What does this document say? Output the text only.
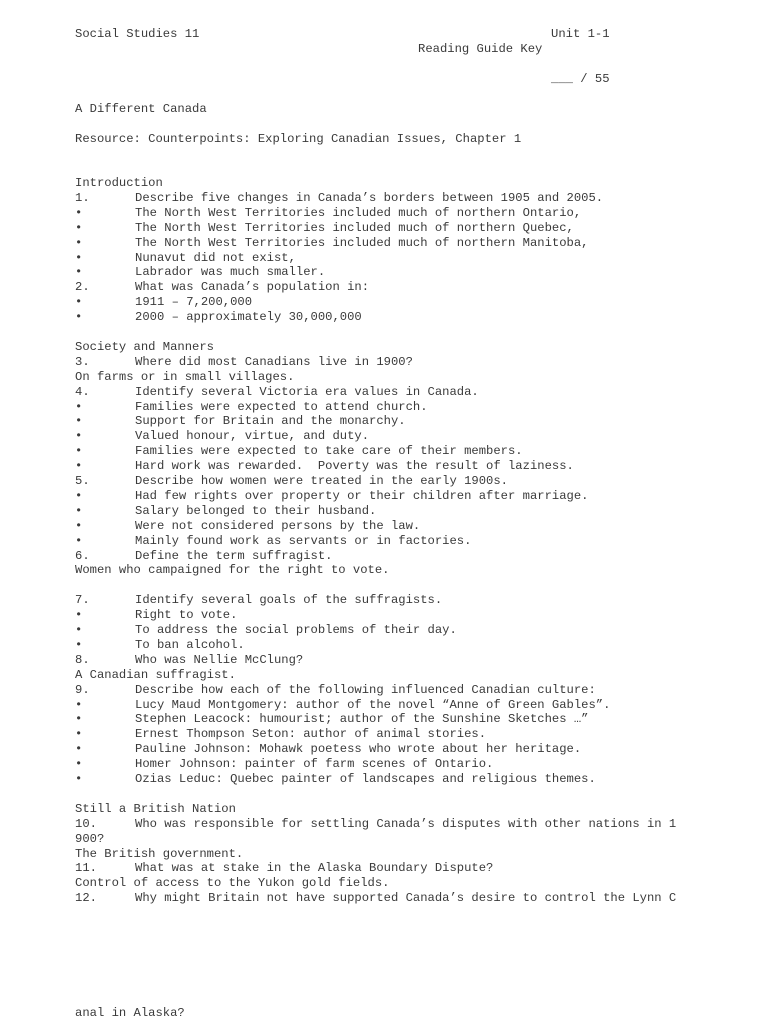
Social Studies 11	Unit 1-1
Reading Guide Key
___ / 55
A Different Canada
Resource: Counterpoints: Exploring Canadian Issues, Chapter 1
Introduction
1.	Describe five changes in Canada’s borders between 1905 and 2005.
•	The North West Territories included much of northern Ontario,
•	The North West Territories included much of northern Quebec,
•	The North West Territories included much of northern Manitoba,
•	Nunavut did not exist,
•	Labrador was much smaller.
2.	What was Canada’s population in:
•	1911 – 7,200,000
•	2000 – approximately 30,000,000
Society and Manners
3.	Where did most Canadians live in 1900?
On farms or in small villages.
4.	Identify several Victoria era values in Canada.
•	Families were expected to attend church.
•	Support for Britain and the monarchy.
•	Valued honour, virtue, and duty.
•	Families were expected to take care of their members.
•	Hard work was rewarded.  Poverty was the result of laziness.
5.	Describe how women were treated in the early 1900s.
•	Had few rights over property or their children after marriage.
•	Salary belonged to their husband.
•	Were not considered persons by the law.
•	Mainly found work as servants or in factories.
6.	Define the term suffragist.
Women who campaigned for the right to vote.
7.	Identify several goals of the suffragists.
•	Right to vote.
•	To address the social problems of their day.
•	To ban alcohol.
8.	Who was Nellie McClung?
A Canadian suffragist.
9.	Describe how each of the following influenced Canadian culture:
•	Lucy Maud Montgomery: author of the novel “Anne of Green Gables”.
•	Stephen Leacock: humourist; author of the Sunshine Sketches …”
•	Ernest Thompson Seton: author of animal stories.
•	Pauline Johnson: Mohawk poetess who wrote about her heritage.
•	Homer Johnson: painter of farm scenes of Ontario.
•	Ozias Leduc: Quebec painter of landscapes and religious themes.
Still a British Nation
10.	Who was responsible for settling Canada’s disputes with other nations in 1
900?
The British government.
11.	What was at stake in the Alaska Boundary Dispute?
Control of access to the Yukon gold fields.
12.	Why might Britain not have supported Canada’s desire to control the Lynn C
anal in Alaska?
